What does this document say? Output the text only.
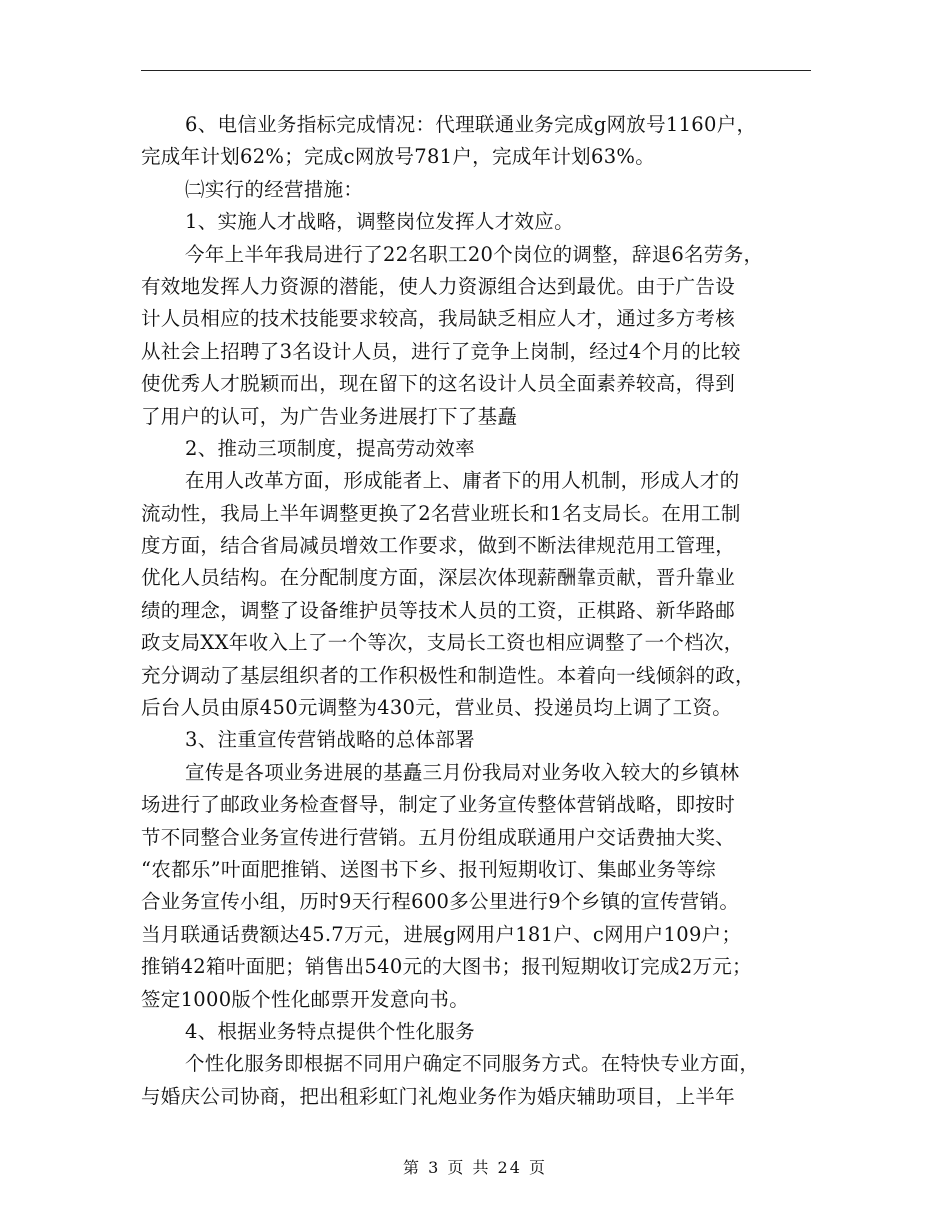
6、电信业务指标完成情况：代理联通业务完成g网放号1160户，
完成年计划62%；完成c网放号781户，完成年计划63%。
㈡实行的经营措施：
1、实施人才战略，调整岗位发挥人才效应。
今年上半年我局进行了22名职工20个岗位的调整，辞退6名劳务，
有效地发挥人力资源的潜能，使人力资源组合达到最优。由于广告设
计人员相应的技术技能要求较高，我局缺乏相应人才，通过多方考核
从社会上招聘了3名设计人员，进行了竞争上岗制，经过4个月的比较
使优秀人才脱颖而出，现在留下的这名设计人员全面素养较高，得到
了用户的认可，为广告业务进展打下了基矗
2、推动三项制度，提高劳动效率
在用人改革方面，形成能者上、庸者下的用人机制，形成人才的
流动性，我局上半年调整更换了2名营业班长和1名支局长。在用工制
度方面，结合省局减员增效工作要求，做到不断法律规范用工管理，
优化人员结构。在分配制度方面，深层次体现薪酬靠贡献，晋升靠业
绩的理念，调整了设备维护员等技术人员的工资，正棋路、新华路邮
政支局XX年收入上了一个等次，支局长工资也相应调整了一个档次，
充分调动了基层组织者的工作积极性和制造性。本着向一线倾斜的政，
后台人员由原450元调整为430元，营业员、投递员均上调了工资。
3、注重宣传营销战略的总体部署
宣传是各项业务进展的基矗三月份我局对业务收入较大的乡镇林
场进行了邮政业务检查督导，制定了业务宣传整体营销战略，即按时
节不同整合业务宣传进行营销。五月份组成联通用户交话费抽大奖、
“农都乐”叶面肥推销、送图书下乡、报刊短期收订、集邮业务等综
合业务宣传小组，历时9天行程600多公里进行9个乡镇的宣传营销。
当月联通话费额达45.7万元，进展g网用户181户、c网用户109户；
推销42箱叶面肥；销售出540元的大图书；报刊短期收订完成2万元；
签定1000版个性化邮票开发意向书。
4、根据业务特点提供个性化服务
个性化服务即根据不同用户确定不同服务方式。在特快专业方面，
与婚庆公司协商，把出租彩虹门礼炮业务作为婚庆辅助项目，上半年
第 3 页 共 24 页
